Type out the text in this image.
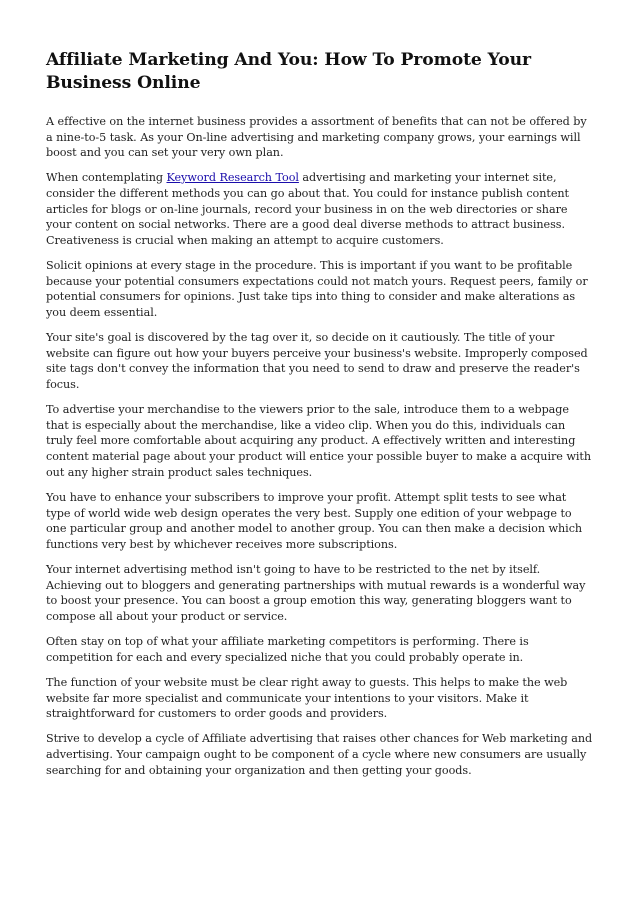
Affiliate Marketing And You: How To Promote Your Business Online

A effective on the internet business provides a assortment of benefits that can not be offered by a nine-to-5 task. As your On-line advertising and marketing company grows, your earnings will boost and you can set your very own plan.

When contemplating Keyword Research Tool advertising and marketing your internet site, consider the different methods you can go about that. You could for instance publish content articles for blogs or on-line journals, record your business in on the web directories or share your content on social networks. There are a good deal diverse methods to attract business. Creativeness is crucial when making an attempt to acquire customers.

Solicit opinions at every stage in the procedure. This is important if you want to be profitable because your potential consumers expectations could not match yours. Request peers, family or potential consumers for opinions. Just take tips into thing to consider and make alterations as you deem essential.

Your site's goal is discovered by the tag over it, so decide on it cautiously. The title of your website can figure out how your buyers perceive your business's website. Improperly composed site tags don't convey the information that you need to send to draw and preserve the reader's focus.

To advertise your merchandise to the viewers prior to the sale, introduce them to a webpage that is especially about the merchandise, like a video clip. When you do this, individuals can truly feel more comfortable about acquiring any product. A effectively written and interesting content material page about your product will entice your possible buyer to make a acquire with out any higher strain product sales techniques.

You have to enhance your subscribers to improve your profit. Attempt split tests to see what type of world wide web design operates the very best. Supply one edition of your webpage to one particular group and another model to another group. You can then make a decision which functions very best by whichever receives more subscriptions.

Your internet advertising method isn't going to have to be restricted to the net by itself. Achieving out to bloggers and generating partnerships with mutual rewards is a wonderful way to boost your presence. You can boost a group emotion this way, generating bloggers want to compose all about your product or service.

Often stay on top of what your affiliate marketing competitors is performing. There is competition for each and every specialized niche that you could probably operate in.

The function of your website must be clear right away to guests. This helps to make the web website far more specialist and communicate your intentions to your visitors. Make it straightforward for customers to order goods and providers.

Strive to develop a cycle of Affiliate advertising that raises other chances for Web marketing and advertising. Your campaign ought to be component of a cycle where new consumers are usually searching for and obtaining your organization and then getting your goods.
